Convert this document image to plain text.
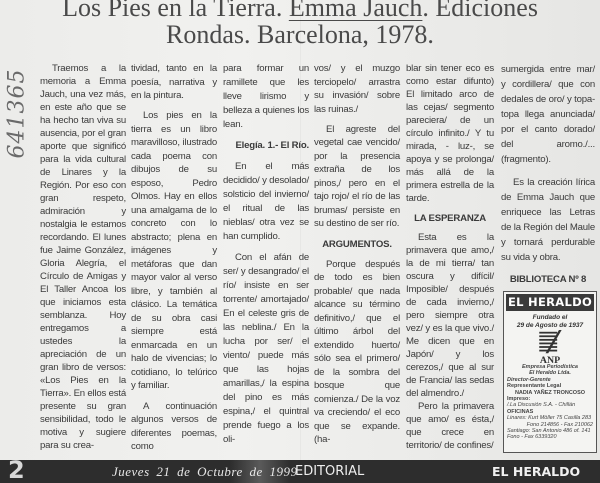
Los Pies en la Tierra. Emma Jauch. Ediciones
Rondas. Barcelona, 1978.
641365

Traemos a la memoria a Emma Jauch, una vez más, en este año que se ha hecho tan viva su ausencia, por el gran aporte que significó para la vida cultural de Linares y la Región. Por eso con gran respeto, admiración y nostalgia le estamos recordando. El lunes fue Jaime González, Gloria Alegría, el Círculo de Amigas y El Taller Ancoa los que iniciamos esta semblanza. Hoy entregamos a ustedes la apreciación de un gran libro de versos: «Los Pies en la Tierra». En ellos está presente su gran sensibilidad, todo le motiva y sugiere para su crea-

tividad, tanto en la poesía, narrativa y en la pintura.

Los pies en la tierra es un libro maravilloso, ilustrado cada poema con dibujos de su esposo, Pedro Olmos. Hay en ellos una amalgama de lo concreto con lo abstracto; plena en imágenes y metáforas que dan mayor valor al verso libre, y también al clásico. La temática de su obra casi siempre está enmarcada en un halo de vivencias; lo cotidiano, lo telúrico y familiar.

A continuación algunos versos de diferentes poemas, como

para formar un ramillete que les lleve lirismo y belleza a quienes los lean.

Elegía. 1.- El Río.

En el más decidido/ y desolado/ solsticio del invierno/ el ritual de las nieblas/ otra vez se han cumplido.

Con el afán de ser/ y desangrado/ el río/ insiste en ser torrente/ amortajado/ En el celeste gris de las neblina./ En la lucha por ser/ el viento/ puede más que las hojas amarillas,/ la espina del pino es más espina,/ el quintral prende fuego a los oli-

vos/ y el muzgo terciopelo/ arrastra su invasión/ sobre las ruinas./

El agreste del vegetal cae vencido/ por la presencia extraña de los pinos,/ pero en el tajo rojo/ el río de las brumas/ persiste en su destino de ser río.

ARGUMENTOS.

Porque después de todo es bien probable/ que nada alcance su término definitivo,/ que el último árbol del extendido huerto/ sólo sea el primero/ de la sombra del bosque que comienza./ De la voz va creciendo/ el eco que se expande. (ha-

blar sin tener eco es como estar difunto) El limitado arco de las cejas/ segmento pareciera/ de un círculo infinito./ Y tu mirada, - luz-, se apoya y se prolonga/ más allá de la primera estrella de la tarde.

LA ESPERANZA

Esta es la primavera que amo,/ la de mi tierra/ tan oscura y difícil/ Imposible/ después de cada invierno,/ pero siempre otra vez/ y es la que vivo./ Me dicen que en Japón/ y los cerezos,/ que al sur de Francia/ las sedas del almendro./

Pero la primavera que amo/ es ésta,/ que crece en territorio/ de confines/

sumergida entre mar/ y cordillera/ que con dedales de oro/ y topa-topa llega anunciada/ por el canto dorado/ del aromo./... (fragmento).

Es la creación lírica de Emma Jauch que enriquece las Letras de la Región del Maule y tornará perdurable su vida y obra.

BIBLIOTECA Nº 8

EL HERALDO
Fundado el
29 de Agosto de 1937
ANP
Empresa Periodística
El Heraldo Ltda.
Director-Gerente
Representante Legal
NADIA YAÑEZ TRONCOSO
Impreso:
/.La Discusión S.A. - Chillán
OFICINAS
Linares: Kurt Möller 75 Casilla 283
Fono 214856 - Fax 210062
Santiago: San Antonio 486 of. 141
Fono - Fax 6339320
2	Jueves 21 de Octubre de 1999
EDITORIAL	EL HERALDO
